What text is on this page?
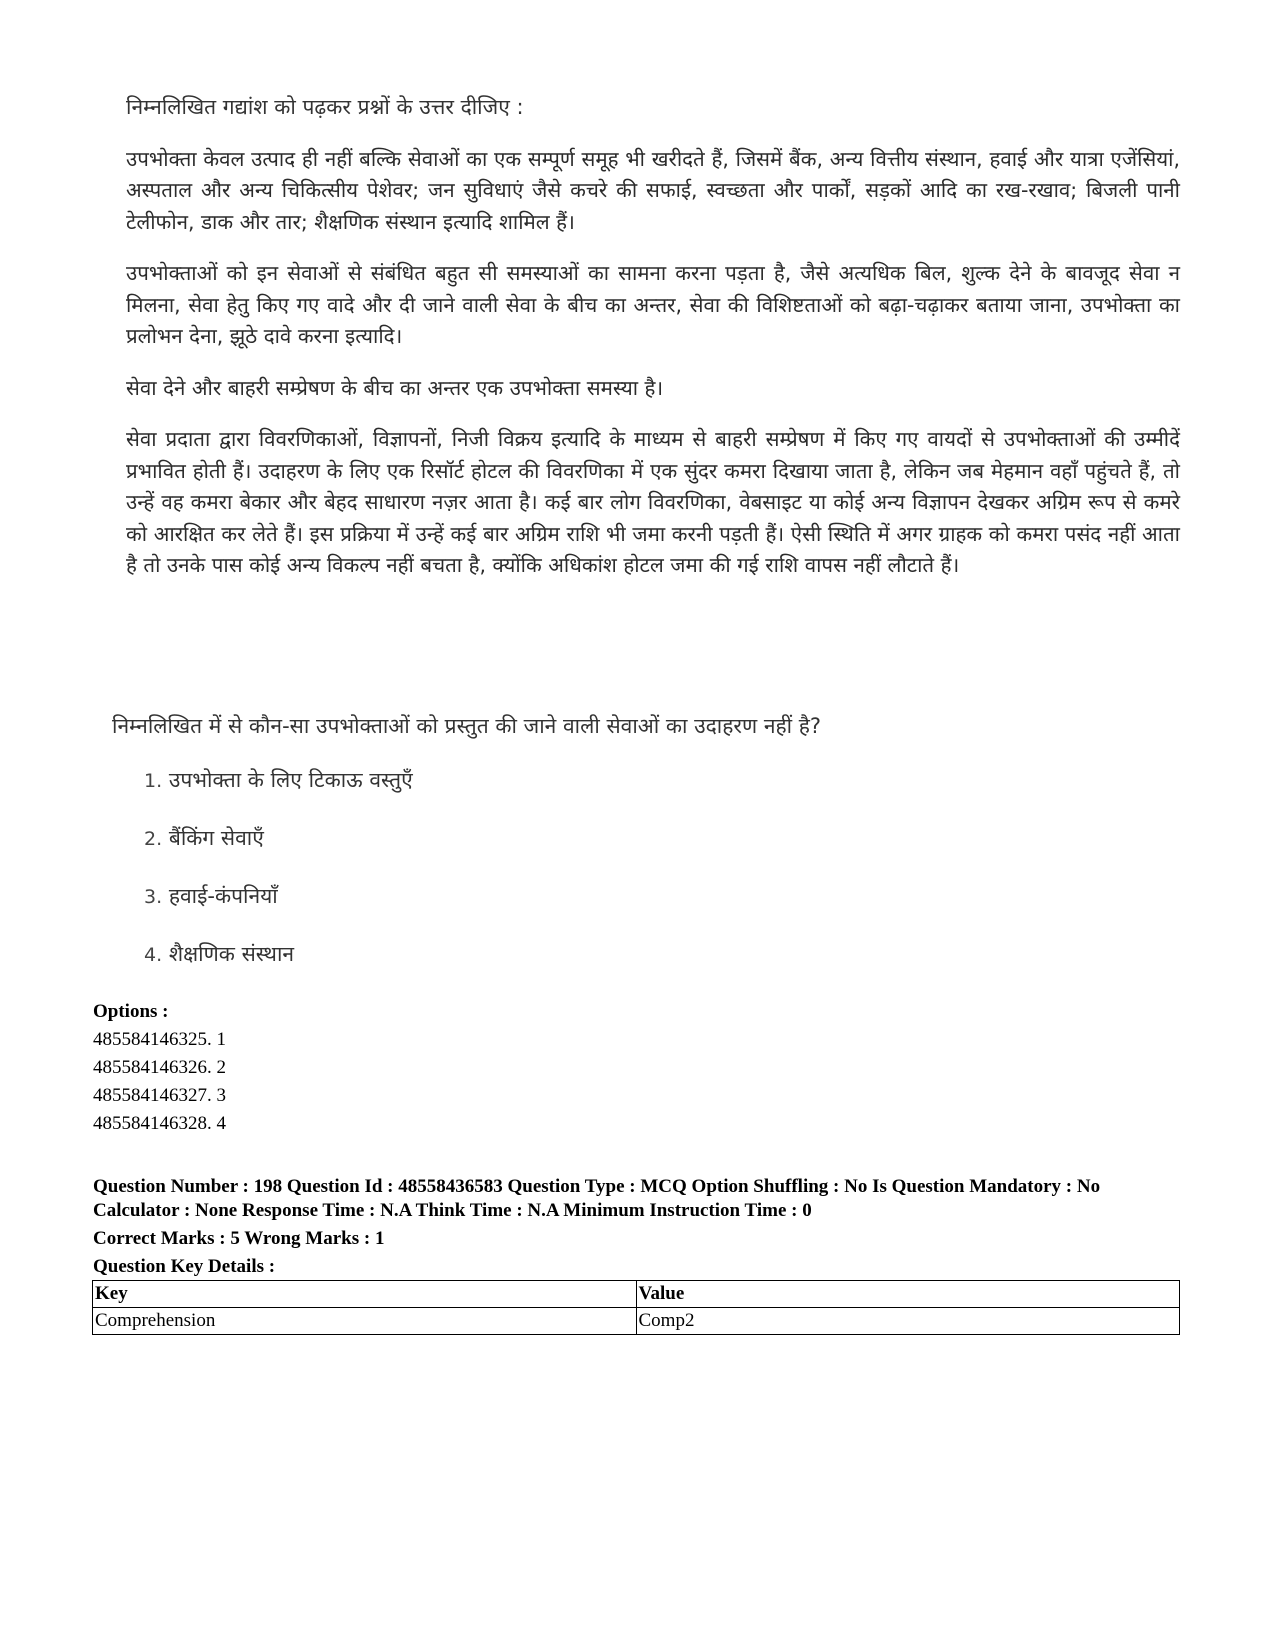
निम्नलिखित गद्यांश को पढ़कर प्रश्नों के उत्तर दीजिए :
उपभोक्ता केवल उत्पाद ही नहीं बल्कि सेवाओं का एक सम्पूर्ण समूह भी खरीदते हैं, जिसमें बैंक, अन्य वित्तीय संस्थान, हवाई और यात्रा एजेंसियां, अस्पताल और अन्य चिकित्सीय पेशेवर; जन सुविधाएं जैसे कचरे की सफाई, स्वच्छता और पार्कों, सड़कों आदि का रख-रखाव; बिजली पानी टेलीफोन, डाक और तार; शैक्षणिक संस्थान इत्यादि शामिल हैं।
उपभोक्ताओं को इन सेवाओं से संबंधित बहुत सी समस्याओं का सामना करना पड़ता है, जैसे अत्यधिक बिल, शुल्क देने के बावजूद सेवा न मिलना, सेवा हेतु किए गए वादे और दी जाने वाली सेवा के बीच का अन्तर, सेवा की विशिष्टताओं को बढ़ा-चढ़ाकर बताया जाना, उपभोक्ता का प्रलोभन देना, झूठे दावे करना इत्यादि।
सेवा देने और बाहरी सम्प्रेषण के बीच का अन्तर एक उपभोक्ता समस्या है।
सेवा प्रदाता द्वारा विवरणिकाओं, विज्ञापनों, निजी विक्रय इत्यादि के माध्यम से बाहरी सम्प्रेषण में किए गए वायदों से उपभोक्ताओं की उम्मीदें प्रभावित होती हैं। उदाहरण के लिए एक रिसॉर्ट होटल की विवरणिका में एक सुंदर कमरा दिखाया जाता है, लेकिन जब मेहमान वहाँ पहुंचते हैं, तो उन्हें वह कमरा बेकार और बेहद साधारण नज़र आता है। कई बार लोग विवरणिका, वेबसाइट या कोई अन्य विज्ञापन देखकर अग्रिम रूप से कमरे को आरक्षित कर लेते हैं। इस प्रक्रिया में उन्हें कई बार अग्रिम राशि भी जमा करनी पड़ती हैं। ऐसी स्थिति में अगर ग्राहक को कमरा पसंद नहीं आता है तो उनके पास कोई अन्य विकल्प नहीं बचता है, क्योंकि अधिकांश होटल जमा की गई राशि वापस नहीं लौटाते हैं।
निम्नलिखित में से कौन-सा उपभोक्ताओं को प्रस्तुत की जाने वाली सेवाओं का उदाहरण नहीं है?
1. उपभोक्ता के लिए टिकाऊ वस्तुएँ
2. बैंकिंग सेवाएँ
3. हवाई-कंपनियाँ
4. शैक्षणिक संस्थान
Options :
485584146325. 1
485584146326. 2
485584146327. 3
485584146328. 4
Question Number : 198 Question Id : 48558436583 Question Type : MCQ Option Shuffling : No Is Question Mandatory : No Calculator : None Response Time : N.A Think Time : N.A Minimum Instruction Time : 0
Correct Marks : 5 Wrong Marks : 1
Question Key Details :
Key	Value
Comprehension	Comp2
